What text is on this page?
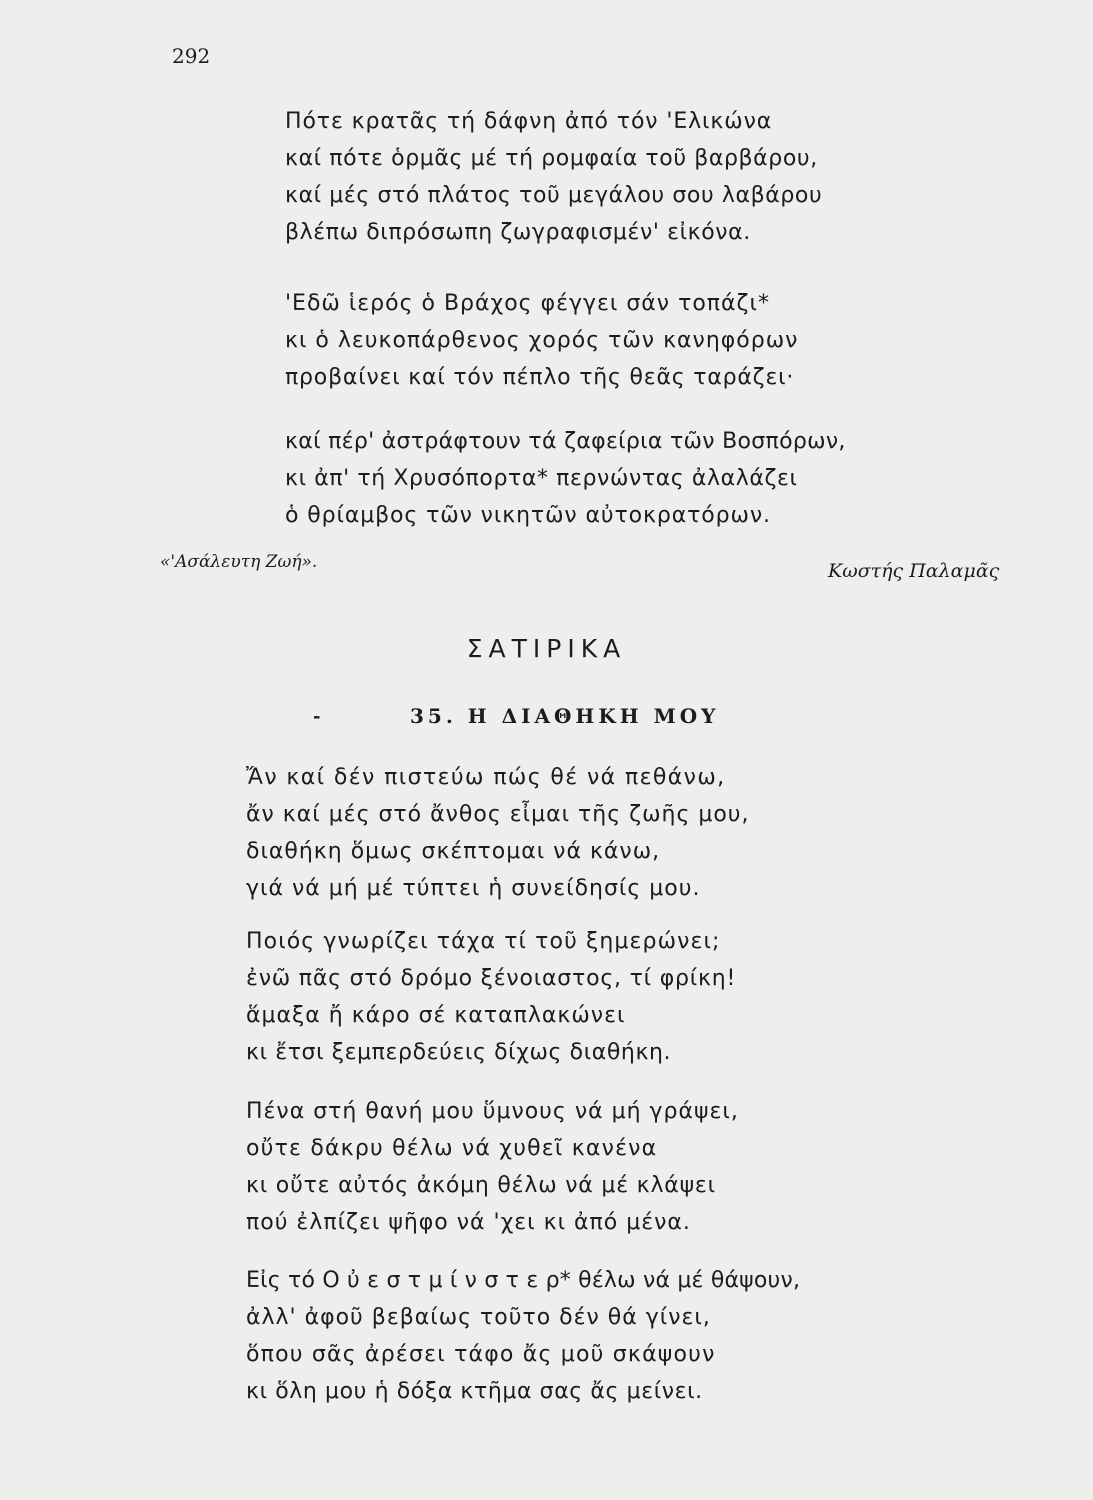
292
Πότε κρατᾶς τή δάφνη ἀπό τόν 'Ελικώνα
καί πότε ὁρμᾶς μέ τή ρομφαία τοῦ βαρβάρου,
καί μές στό πλάτος τοῦ μεγάλου σου λαβάρου
βλέπω διπρόσωπη ζωγραφισμέν' εἰκόνα.
'Εδῶ ἱερός ὁ Βράχος φέγγει σάν τοπάζι*
κι ὁ λευκοπάρθενος χορός τῶν κανηφόρων
προβαίνει καί τόν πέπλο τῆς θεᾶς ταράζει·
καί πέρ' ἀστράφτουν τά ζαφείρια τῶν Βοσπόρων,
κι ἀπ' τή Χρυσόπορτα* περνώντας ἀλαλάζει
ὁ θρίαμβος τῶν νικητῶν αὐτοκρατόρων.
«'Ασάλευτη Ζωή».	Κωστής Παλαμᾶς
ΣΑΤΙΡΙΚΑ
-	35. Η ΔΙΑΘΗΚΗ ΜΟΥ
Ἄν καί δέν πιστεύω πώς θέ νά πεθάνω,
ἄν καί μές στό ἄνθος εἶμαι τῆς ζωῆς μου,
διαθήκη ὅμως σκέπτομαι νά κάνω,
γιά νά μή μέ τύπτει ἡ συνείδησίς μου.
Ποιός γνωρίζει τάχα τί τοῦ ξημερώνει;
ἐνῶ πᾶς στό δρόμο ξένοιαστος, τί φρίκη!
ἅμαξα ἤ κάρο σέ καταπλακώνει
κι ἔτσι ξεμπερδεύεις δίχως διαθήκη.
Πένα στή θανή μου ὕμνους νά μή γράψει,
οὔτε δάκρυ θέλω νά χυθεῖ κανένα
κι οὔτε αὐτός ἀκόμη θέλω νά μέ κλάψει
πού ἐλπίζει ψῆφο νά 'χει κι ἀπό μένα.
Εἰς τό Ο ὐ ε σ τ μ ί ν σ τ ε ρ* θέλω νά μέ θάψουν,
ἀλλ' ἀφοῦ βεβαίως τοῦτο δέν θά γίνει,
ὅπου σᾶς ἀρέσει τάφο ἄς μοῦ σκάψουν
κι ὅλη μου ἡ δόξα κτῆμα σας ἄς μείνει.
